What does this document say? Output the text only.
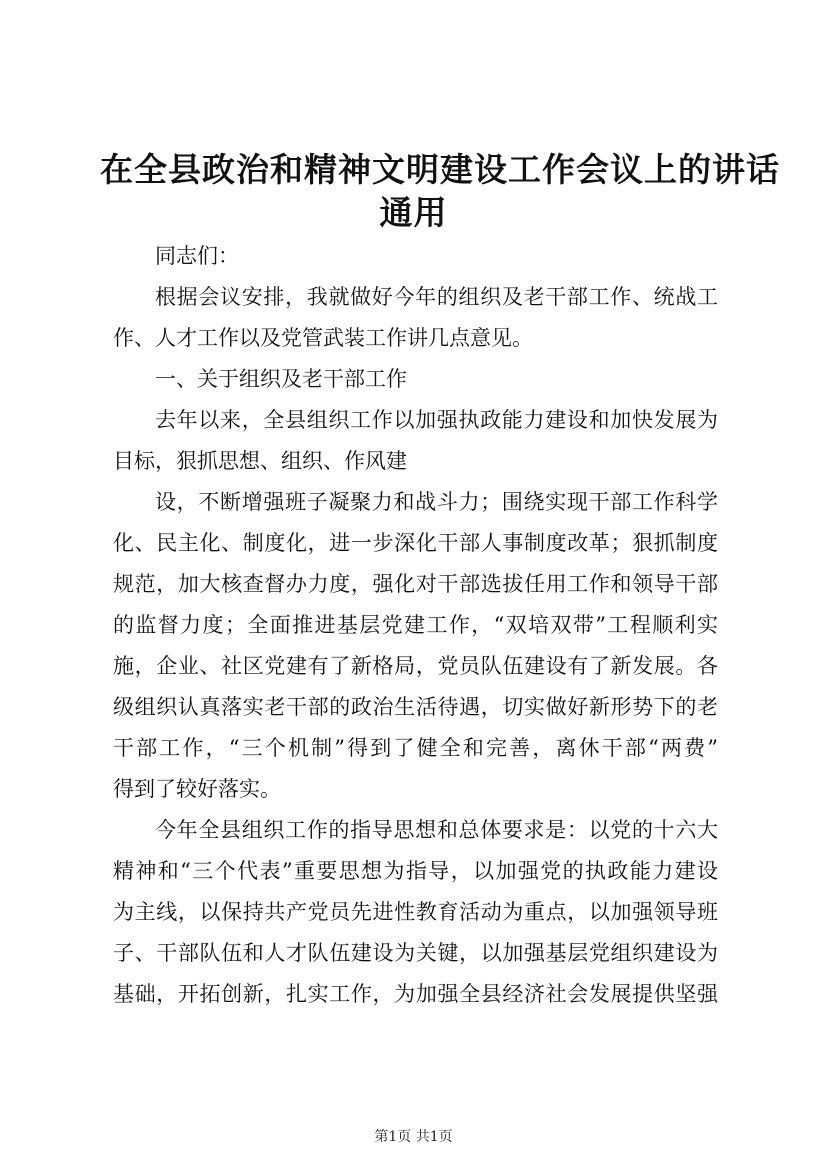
在全县政治和精神文明建设工作会议上的讲话
通用

同志们：

根据会议安排，我就做好今年的组织及老干部工作、统战工
作、人才工作以及党管武装工作讲几点意见。

一、关于组织及老干部工作

去年以来，全县组织工作以加强执政能力建设和加快发展为
目标，狠抓思想、组织、作风建

设，不断增强班子凝聚力和战斗力；围绕实现干部工作科学
化、民主化、制度化，进一步深化干部人事制度改革；狠抓制度
规范，加大核查督办力度，强化对干部选拔任用工作和领导干部
的监督力度；全面推进基层党建工作，“双培双带”工程顺利实
施，企业、社区党建有了新格局，党员队伍建设有了新发展。各
级组织认真落实老干部的政治生活待遇，切实做好新形势下的老
干部工作，“三个机制”得到了健全和完善，离休干部“两费”
得到了较好落实。

今年全县组织工作的指导思想和总体要求是：以党的十六大
精神和“三个代表”重要思想为指导，以加强党的执政能力建设
为主线，以保持共产党员先进性教育活动为重点，以加强领导班
子、干部队伍和人才队伍建设为关键，以加强基层党组织建设为
基础，开拓创新，扎实工作，为加强全县经济社会发展提供坚强

第1页 共1页
